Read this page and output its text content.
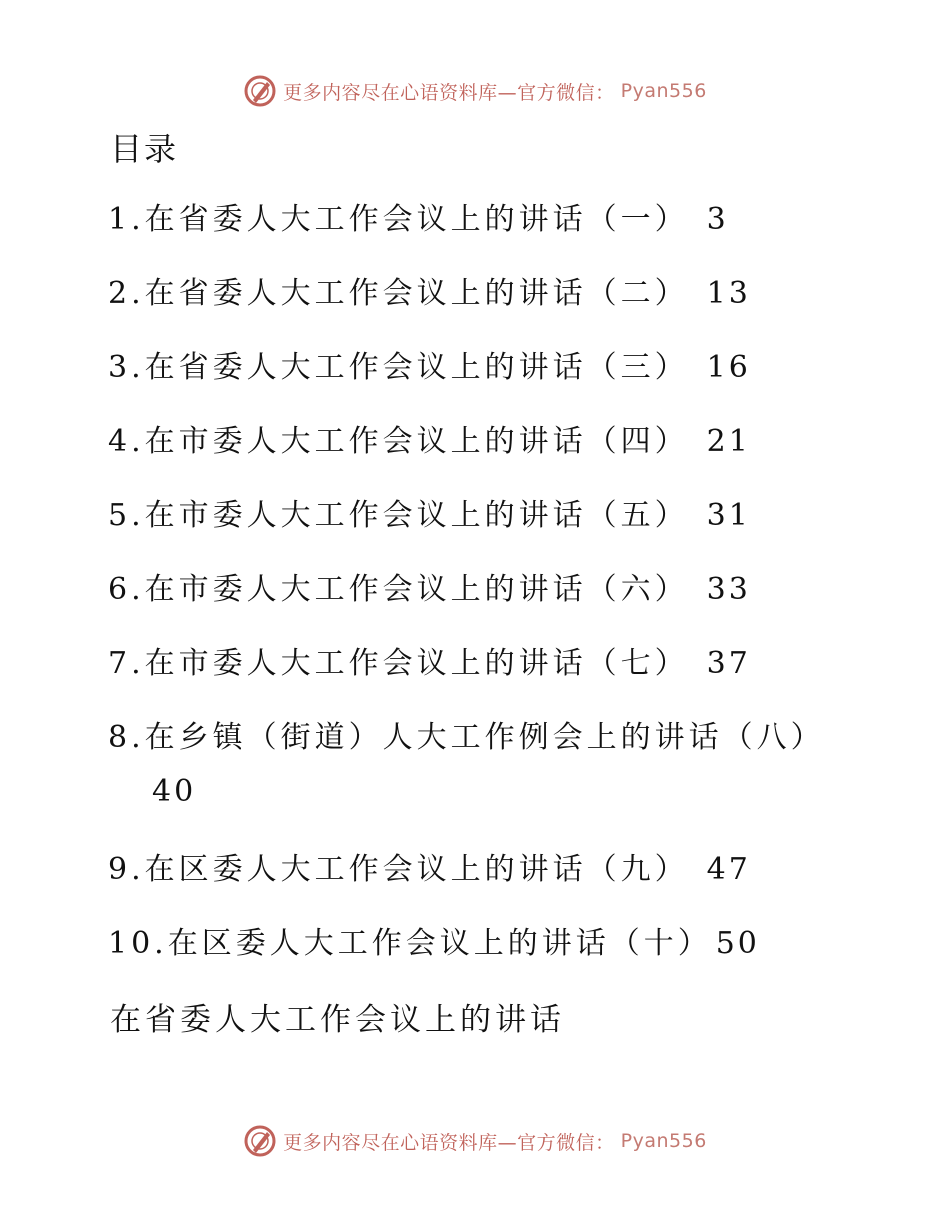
更多内容尽在心语资料库—官方微信： Pyan556
目录
1.在省委人大工作会议上的讲话（一） 3
2.在省委人大工作会议上的讲话（二） 13
3.在省委人大工作会议上的讲话（三） 16
4.在市委人大工作会议上的讲话（四） 21
5.在市委人大工作会议上的讲话（五） 31
6.在市委人大工作会议上的讲话（六） 33
7.在市委人大工作会议上的讲话（七） 37
8.在乡镇（街道）人大工作例会上的讲话（八）
40
9.在区委人大工作会议上的讲话（九） 47
10.在区委人大工作会议上的讲话（十） 50
在省委人大工作会议上的讲话
更多内容尽在心语资料库—官方微信： Pyan556
